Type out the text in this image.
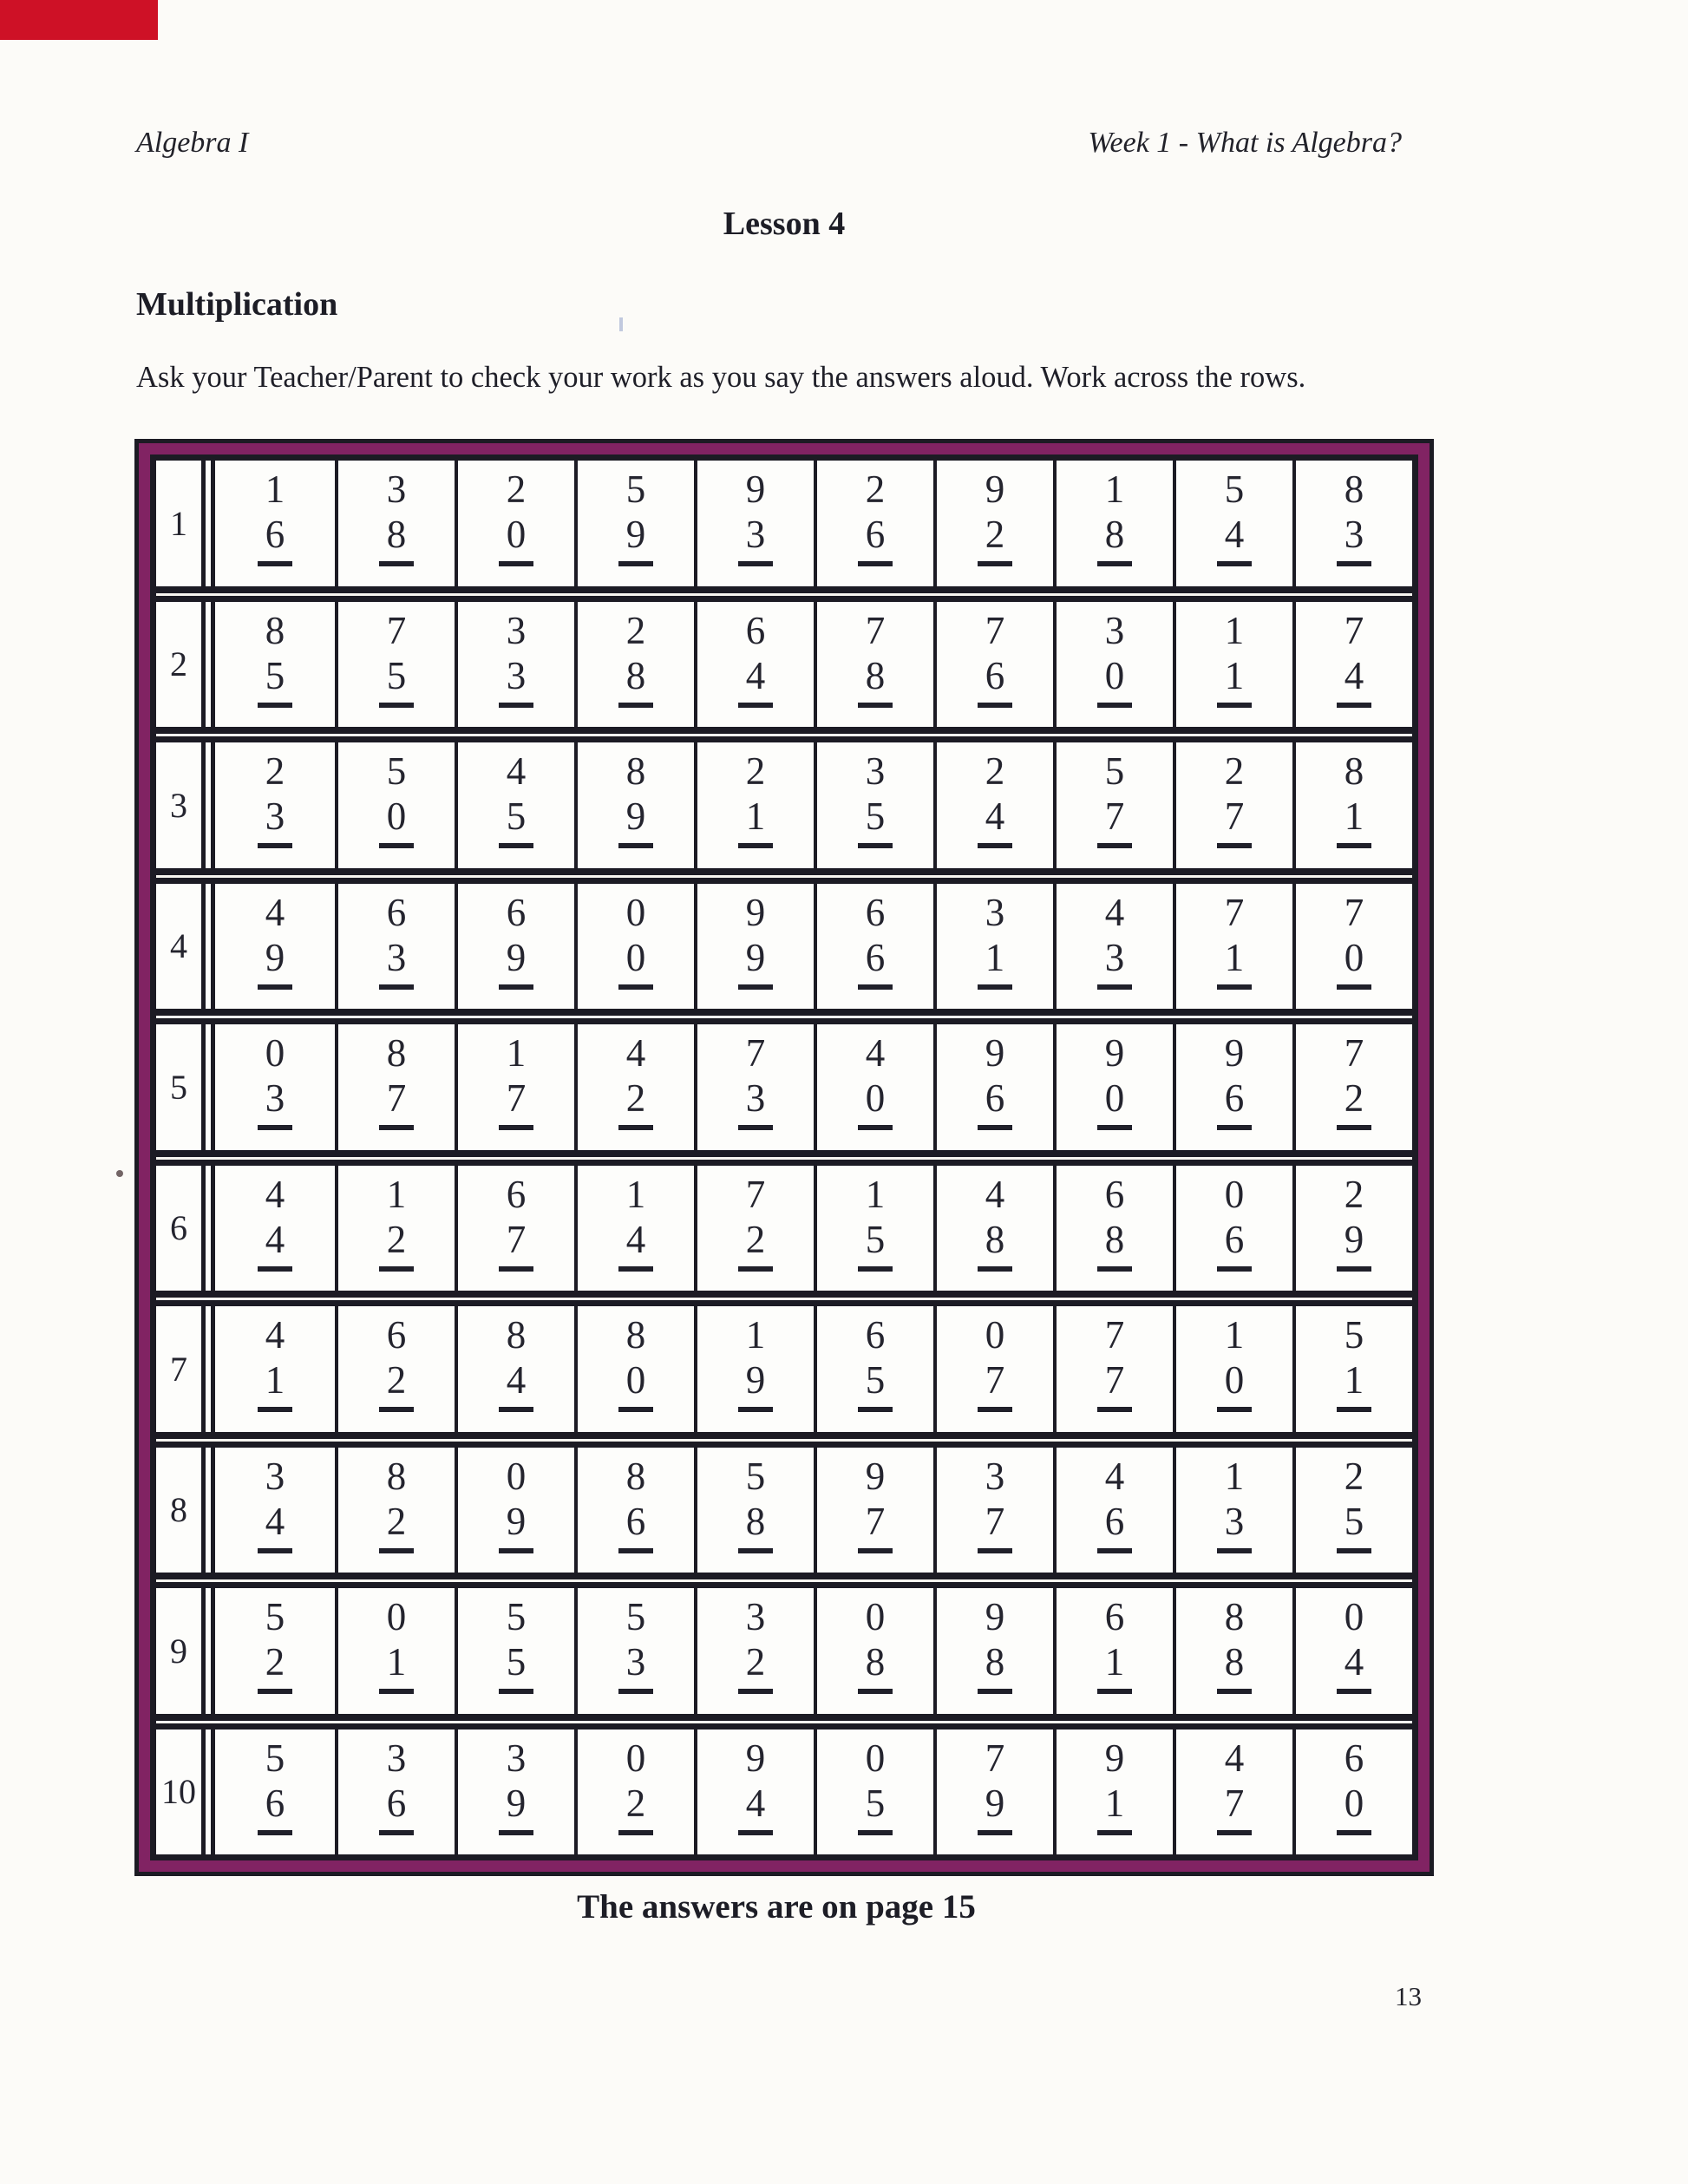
Algebra I	Week 1 - What is Algebra?
Lesson 4
Multiplication
Ask your Teacher/Parent to check your work as you say the answers aloud. Work across the rows.
1
1
6
3
8
2
0
5
9
9
3
2
6
9
2
1
8
5
4
8
3
2
8
5
7
5
3
3
2
8
6
4
7
8
7
6
3
0
1
1
7
4
3
2
3
5
0
4
5
8
9
2
1
3
5
2
4
5
7
2
7
8
1
4
4
9
6
3
6
9
0
0
9
9
6
6
3
1
4
3
7
1
7
0
5
0
3
8
7
1
7
4
2
7
3
4
0
9
6
9
0
9
6
7
2
6
4
4
1
2
6
7
1
4
7
2
1
5
4
8
6
8
0
6
2
9
7
4
1
6
2
8
4
8
0
1
9
6
5
0
7
7
7
1
0
5
1
8
3
4
8
2
0
9
8
6
5
8
9
7
3
7
4
6
1
3
2
5
9
5
2
0
1
5
5
5
3
3
2
0
8
9
8
6
1
8
8
0
4
10
5
6
3
6
3
9
0
2
9
4
0
5
7
9
9
1
4
7
6
0
The answers are on page 15
13
